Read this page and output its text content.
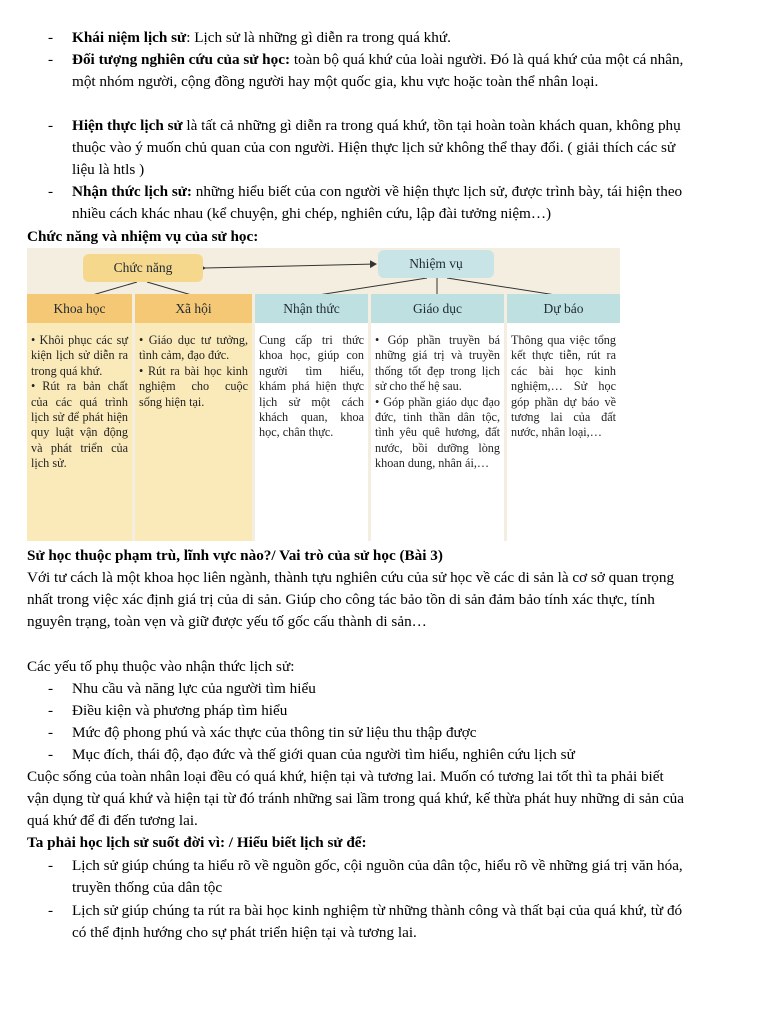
-	Khái niệm lịch sử: Lịch sử là những gì diễn ra trong quá khứ.
-	Đối tượng nghiên cứu của sử học: toàn bộ quá khứ của loài người. Đó là quá khứ của một cá nhân, một nhóm người, cộng đồng người hay một quốc gia, khu vực hoặc toàn thể nhân loại.
-	Hiện thực lịch sử là tất cả những gì diễn ra trong quá khứ, tồn tại hoàn toàn khách quan, không phụ thuộc vào ý muốn chủ quan của con người. Hiện thực lịch sử không thể thay đổi. ( giải thích các sử liệu là htls )
-	Nhận thức lịch sử: những hiểu biết của con người về hiện thực lịch sử, được trình bày, tái hiện theo nhiều cách khác nhau (kể chuyện, ghi chép, nghiên cứu, lập đài tưởng niệm…)
Chức năng và nhiệm vụ của sử học:
Chức năng	Nhiệm vụ
Khoa học
• Khôi phục các sự kiện lịch sử diễn ra trong quá khứ.
• Rút ra bản chất của các quá trình lịch sử để phát hiện quy luật vận động và phát triển của lịch sử.
Xã hội
• Giáo dục tư tưởng, tình cảm, đạo đức.
• Rút ra bài học kinh nghiệm cho cuộc sống hiện tại.
Nhận thức
Cung cấp tri thức khoa học, giúp con người tìm hiểu, khám phá hiện thực lịch sử một cách khách quan, khoa học, chân thực.
Giáo dục
• Góp phần truyền bá những giá trị và truyền thống tốt đẹp trong lịch sử cho thế hệ sau.
• Góp phần giáo dục đạo đức, tinh thần dân tộc, tình yêu quê hương, đất nước, bồi dưỡng lòng khoan dung, nhân ái,…
Dự báo
Thông qua việc tổng kết thực tiễn, rút ra các bài học kinh nghiệm,… Sử học góp phần dự báo về tương lai của đất nước, nhân loại,…
Sử học thuộc phạm trù, lĩnh vực nào?/ Vai trò của sử học (Bài 3)
Với tư cách là một khoa học liên ngành, thành tựu nghiên cứu của sử học về các di sản là cơ sở quan trọng nhất trong việc xác định giá trị của di sản. Giúp cho công tác bảo tồn di sản đảm bảo tính xác thực, tính nguyên trạng, toàn vẹn và giữ được yếu tố gốc cấu thành di sản…
Các yếu tố phụ thuộc vào nhận thức lịch sử:
-	Nhu cầu và năng lực của người tìm hiểu
-	Điều kiện và phương pháp tìm hiểu
-	Mức độ phong phú và xác thực của thông tin sử liệu thu thập được
-	Mục đích, thái độ, đạo đức và thế giới quan của người tìm hiểu, nghiên cứu lịch sử
Cuộc sống của toàn nhân loại đều có quá khứ, hiện tại và tương lai. Muốn có tương lai tốt thì ta phải biết vận dụng từ quá khứ và hiện tại từ đó tránh những sai lầm trong quá khứ, kế thừa phát huy những di sản của quá khứ để đi đến tương lai.
Ta phải học lịch sử suốt đời vì: / Hiểu biết lịch sử để:
-	Lịch sử giúp chúng ta hiểu rõ về nguồn gốc, cội nguồn của dân tộc, hiểu rõ về những giá trị văn hóa, truyền thống của dân tộc
-	Lịch sử giúp chúng ta rút ra bài học kinh nghiệm từ những thành công và thất bại của quá khứ, từ đó có thể định hướng cho sự phát triển hiện tại và tương lai.
